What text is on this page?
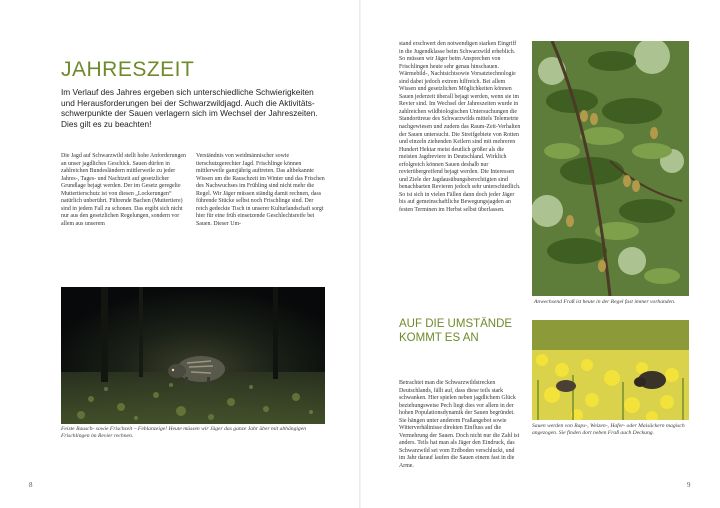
JAHRESZEIT

Im Verlauf des Jahres ergeben sich unterschiedliche Schwierigkeiten und Herausforderungen bei der Schwarzwildjagd. Auch die Aktivitäts-schwerpunkte der Sauen verlagern sich im Wechsel der Jahreszeiten. Dies gilt es zu beachten!

Die Jagd auf Schwarzwild stellt hohe Anforderungen an unser jagdliches Geschick. Sauen dürfen in zahlreichen Bundesländern mittlerweile zu jeder Jahres-, Tages- und Nachtzeit auf gesetzlicher Grundlage bejagt werden. Der im Gesetz geregelte Muttertierschutz ist von diesen „Lockerungen“ natürlich unberührt. Führende Bachen (Muttertiere) sind in jedem Fall zu schonen. Das ergibt sich nicht nur aus den gesetzlichen Regelungen, sondern vor allem aus unserem

Verständnis von weidmännischer sowie tierschutzgerechter Jagd. Frischlinge können mittlerweile ganzjährig auftreten. Das altbekannte Wissen um die Rauschzeit im Winter und das Frischen des Nachwuchses im Frühling sind nicht mehr die Regel. Wir Jäger müssen ständig damit rechnen, dass führende Stücke selbst noch Frischlinge sind. Der reich gedeckte Tisch in unserer Kulturlandschaft sorgt hier für eine früh einsetzende Geschlechtsreife bei Sauen. Dieser Um-

Feiste Rausch- sowie Frischzeit – Feblanzeige! Heute müssen wir Jäger das ganze Jahr über mit abhängigen Frischlingen im Revier rechnen.

8

stand erschwert den notwendigen starken Eingriff in die Jugendklasse beim Schwarzwild erheblich. So müssen wir Jäger beim Ansprechen von Frischlingen heute sehr genau hinschauen. Wärmebild-, Nachtsichtsowie Vorsatztechnologie sind dabei jedoch extrem hilfreich. Bei allem Wissen und gesetzlichen Möglichkeiten können Sauen jederzeit überall bejagt werden, wenn sie im Revier sind. Im Wechsel der Jahreszeiten wurde in zahlreichen wildbiologischen Untersuchungen die Standorttreue des Schwarzwilds mittels Telemetrie nachgewiesen und zudem das Raum-Zeit-Verhalten der Sauen untersucht. Die Streifgebiete von Rotten und einzeln ziehenden Keilern sind mit mehreren Hundert Hektar meist deutlich größer als die meisten Jagdreviere in Deutschland. Wirklich erfolgreich können Sauen deshalb nur revierübergreifend bejagt werden. Die Interessen und Ziele der Jagdausübungsberechtigten sind benachbarten Revieren jedoch sehr unterschiedlich. So ist sich in vielen Fällen dann doch jeder Jäger bis auf gemeinschaftliche Bewegungsjagden an festen Terminen im Herbst selbst überlassen.

Anwechsend Fraß ist heute in der Regel fast immer vorhanden.

AUF DIE UMSTÄNDE KOMMT ES AN

Betrachtet man die Schwarzwildstrecken Deutschlands, fällt auf, dass diese teils stark schwanken. Hier spielen neben jagdlichem Glück beziehungsweise Pech liegt dies vor allem in der hohen Populationsdynamik der Sauen begründet. Sie hängen unter anderem Fraßangebot sowie Witterverhältnisse direkten Einfluss auf die Vermehrung der Sauen. Doch nicht nur die Zahl ist anders. Teils hat man als Jäger den Eindruck, das Schwarzwild sei vom Erdboden verschluckt, und im Jahr darauf laufen die Sauen einem fast in die Arme.

Sauen werden von Raps-, Weizen-, Hafer- oder Maisäckern magisch angezogen. Sie finden dort neben Fraß auch Deckung.

9
